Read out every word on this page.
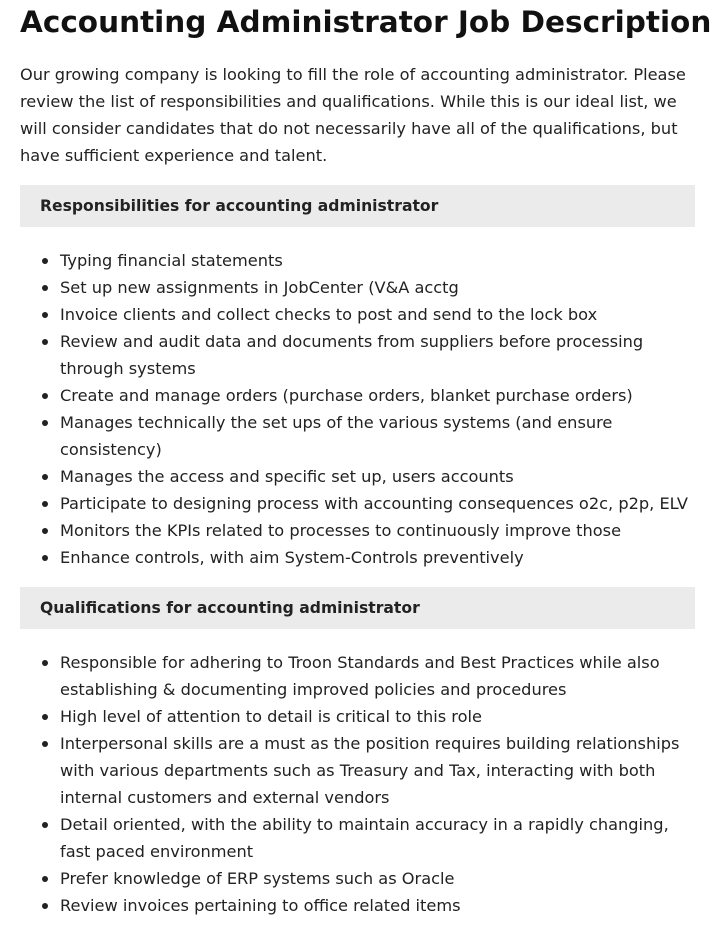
Accounting Administrator Job Description

Our growing company is looking to fill the role of accounting administrator. Please review the list of responsibilities and qualifications. While this is our ideal list, we will consider candidates that do not necessarily have all of the qualifications, but have sufficient experience and talent.

Responsibilities for accounting administrator
Typing financial statements
Set up new assignments in JobCenter (V&A acctg
Invoice clients and collect checks to post and send to the lock box
Review and audit data and documents from suppliers before processing through systems
Create and manage orders (purchase orders, blanket purchase orders)
Manages technically the set ups of the various systems (and ensure consistency)
Manages the access and specific set up, users accounts
Participate to designing process with accounting consequences o2c, p2p, ELV
Monitors the KPIs related to processes to continuously improve those
Enhance controls, with aim System-Controls preventively
Qualifications for accounting administrator
Responsible for adhering to Troon Standards and Best Practices while also establishing & documenting improved policies and procedures
High level of attention to detail is critical to this role
Interpersonal skills are a must as the position requires building relationships with various departments such as Treasury and Tax, interacting with both internal customers and external vendors
Detail oriented, with the ability to maintain accuracy in a rapidly changing, fast paced environment
Prefer knowledge of ERP systems such as Oracle
Review invoices pertaining to office related items
